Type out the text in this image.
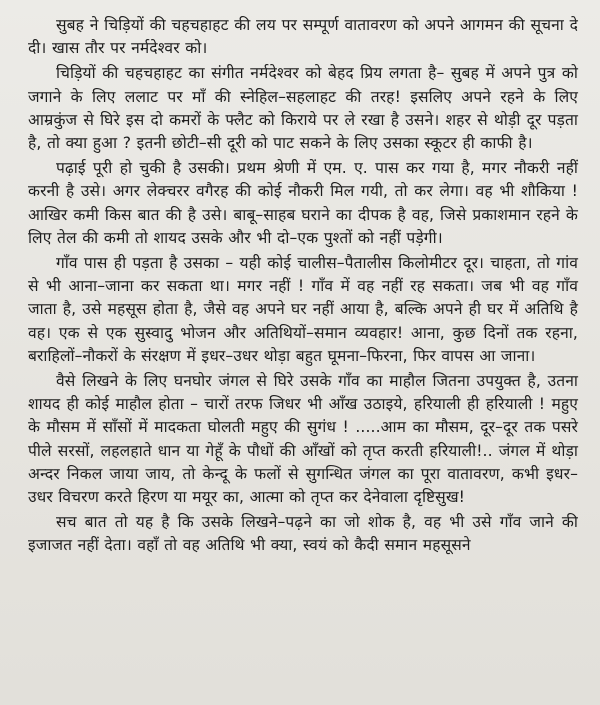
सुबह ने चिड़ियों की चहचहाहट की लय पर सम्पूर्ण वातावरण को अपने आगमन की सूचना दे दी। खास तौर पर नर्मदेश्वर को।

चिड़ियों की चहचहाहट का संगीत नर्मदेश्वर को बेहद प्रिय लगता है– सुबह में अपने पुत्र को जगाने के लिए ललाट पर माँ की स्नेहिल–सहलाहट की तरह! इसलिए अपने रहने के लिए आम्रकुंज से घिरे इस दो कमरों के फ्लैट को किराये पर ले रखा है उसने। शहर से थोड़ी दूर पड़ता है, तो क्या हुआ ? इतनी छोटी–सी दूरी को पाट सकने के लिए उसका स्कूटर ही काफी है।

पढ़ाई पूरी हो चुकी है उसकी। प्रथम श्रेणी में एम. ए. पास कर गया है, मगर नौकरी नहीं करनी है उसे। अगर लेक्चरर वगैरह की कोई नौकरी मिल गयी, तो कर लेगा। वह भी शौकिया ! आखिर कमी किस बात की है उसे। बाबू–साहब घराने का दीपक है वह, जिसे प्रकाशमान रहने के लिए तेल की कमी तो शायद उसके और भी दो–एक पुश्तों को नहीं पड़ेगी।

गाँव पास ही पड़ता है उसका – यही कोई चालीस–पैतालीस किलोमीटर दूर। चाहता, तो गांव से भी आना–जाना कर सकता था। मगर नहीं ! गाँव में वह नहीं रह सकता। जब भी वह गाँव जाता है, उसे महसूस होता है, जैसे वह अपने घर नहीं आया है, बल्कि अपने ही घर में अतिथि है वह। एक से एक सुस्वादु भोजन और अतिथियों–समान व्यवहार! आना, कुछ दिनों तक रहना, बराहिलों–नौकरों के संरक्षण में इधर–उधर थोड़ा बहुत घूमना–फिरना, फिर वापस आ जाना।

वैसे लिखने के लिए घनघोर जंगल से घिरे उसके गाँव का माहौल जितना उपयुक्त है, उतना शायद ही कोई माहौल होता – चारों तरफ जिधर भी आँख उठाइये, हरियाली ही हरियाली ! महुए के मौसम में साँसों में मादकता घोलती महुए की सुगंध ! .....आम का मौसम, दूर–दूर तक पसरे पीले सरसों, लहलहाते धान या गेहूँ के पौधों की आँखों को तृप्त करती हरियाली!.. जंगल में थोड़ा अन्दर निकल जाया जाय, तो केन्दू के फलों से सुगन्धित जंगल का पूरा वातावरण, कभी इधर–उधर विचरण करते हिरण या मयूर का, आत्मा को तृप्त कर देनेवाला दृष्टिसुख!

सच बात तो यह है कि उसके लिखने–पढ़ने का जो शोक है, वह भी उसे गाँव जाने की इजाजत नहीं देता। वहाँ तो वह अतिथि भी क्या, स्वयं को कैदी समान महसूसने
